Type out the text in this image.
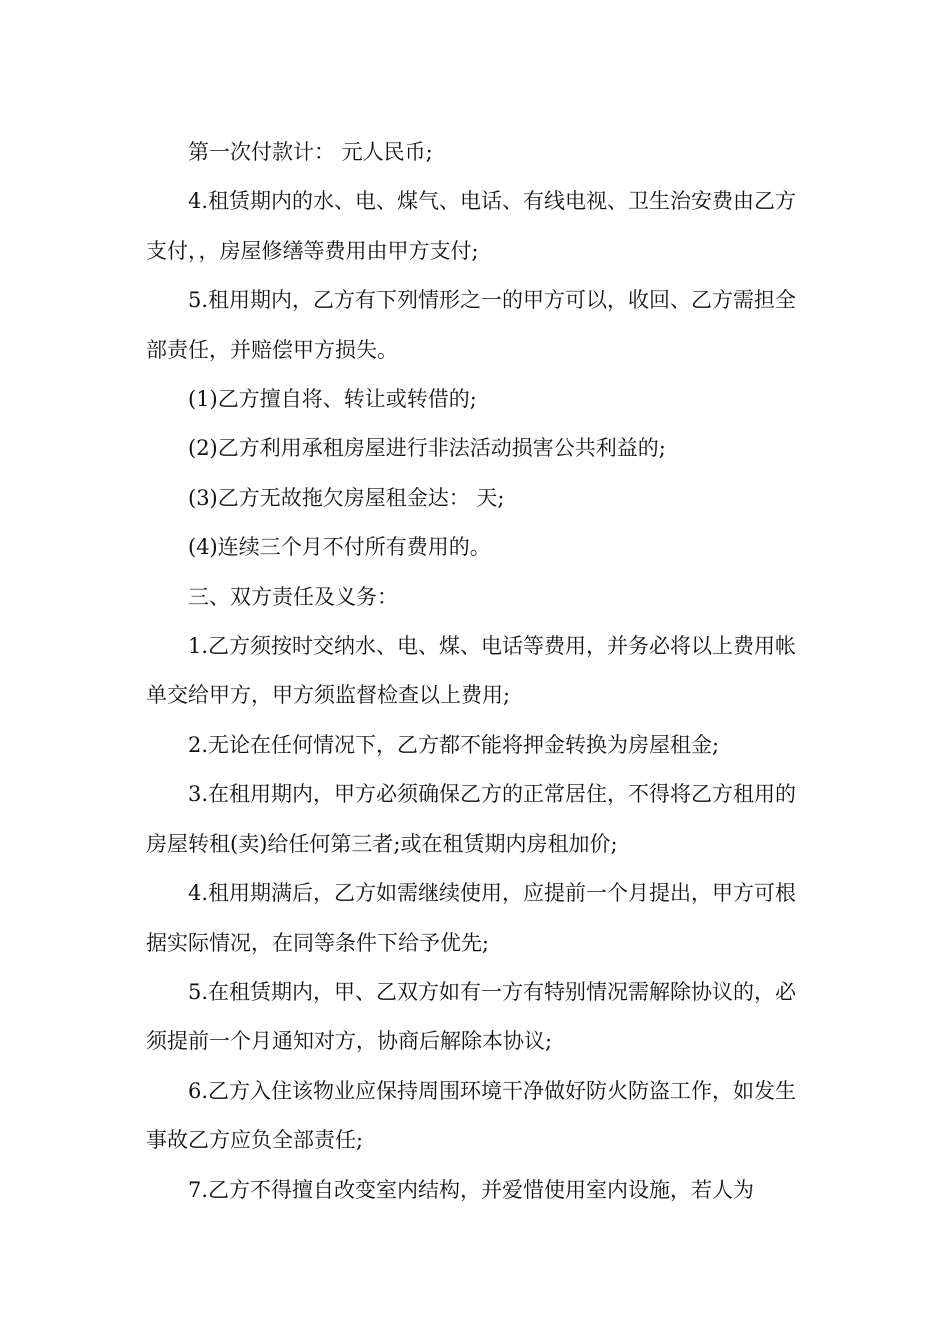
第一次付款计： 元人民币;

4.租赁期内的水、电、煤气、电话、有线电视、卫生治安费由乙方支付，，房屋修缮等费用由甲方支付;

5.租用期内，乙方有下列情形之一的甲方可以，收回、乙方需担全部责任，并赔偿甲方损失。

(1)乙方擅自将、转让或转借的;

(2)乙方利用承租房屋进行非法活动损害公共利益的;

(3)乙方无故拖欠房屋租金达： 天;

(4)连续三个月不付所有费用的。

三、双方责任及义务：

1.乙方须按时交纳水、电、煤、电话等费用，并务必将以上费用帐单交给甲方，甲方须监督检查以上费用;

2.无论在任何情况下，乙方都不能将押金转换为房屋租金;

3.在租用期内，甲方必须确保乙方的正常居住，不得将乙方租用的房屋转租(卖)给任何第三者;或在租赁期内房租加价;

4.租用期满后，乙方如需继续使用，应提前一个月提出，甲方可根据实际情况，在同等条件下给予优先;

5.在租赁期内，甲、乙双方如有一方有特别情况需解除协议的，必须提前一个月通知对方，协商后解除本协议;

6.乙方入住该物业应保持周围环境干净做好防火防盗工作，如发生事故乙方应负全部责任;

7.乙方不得擅自改变室内结构，并爱惜使用室内设施，若人为
